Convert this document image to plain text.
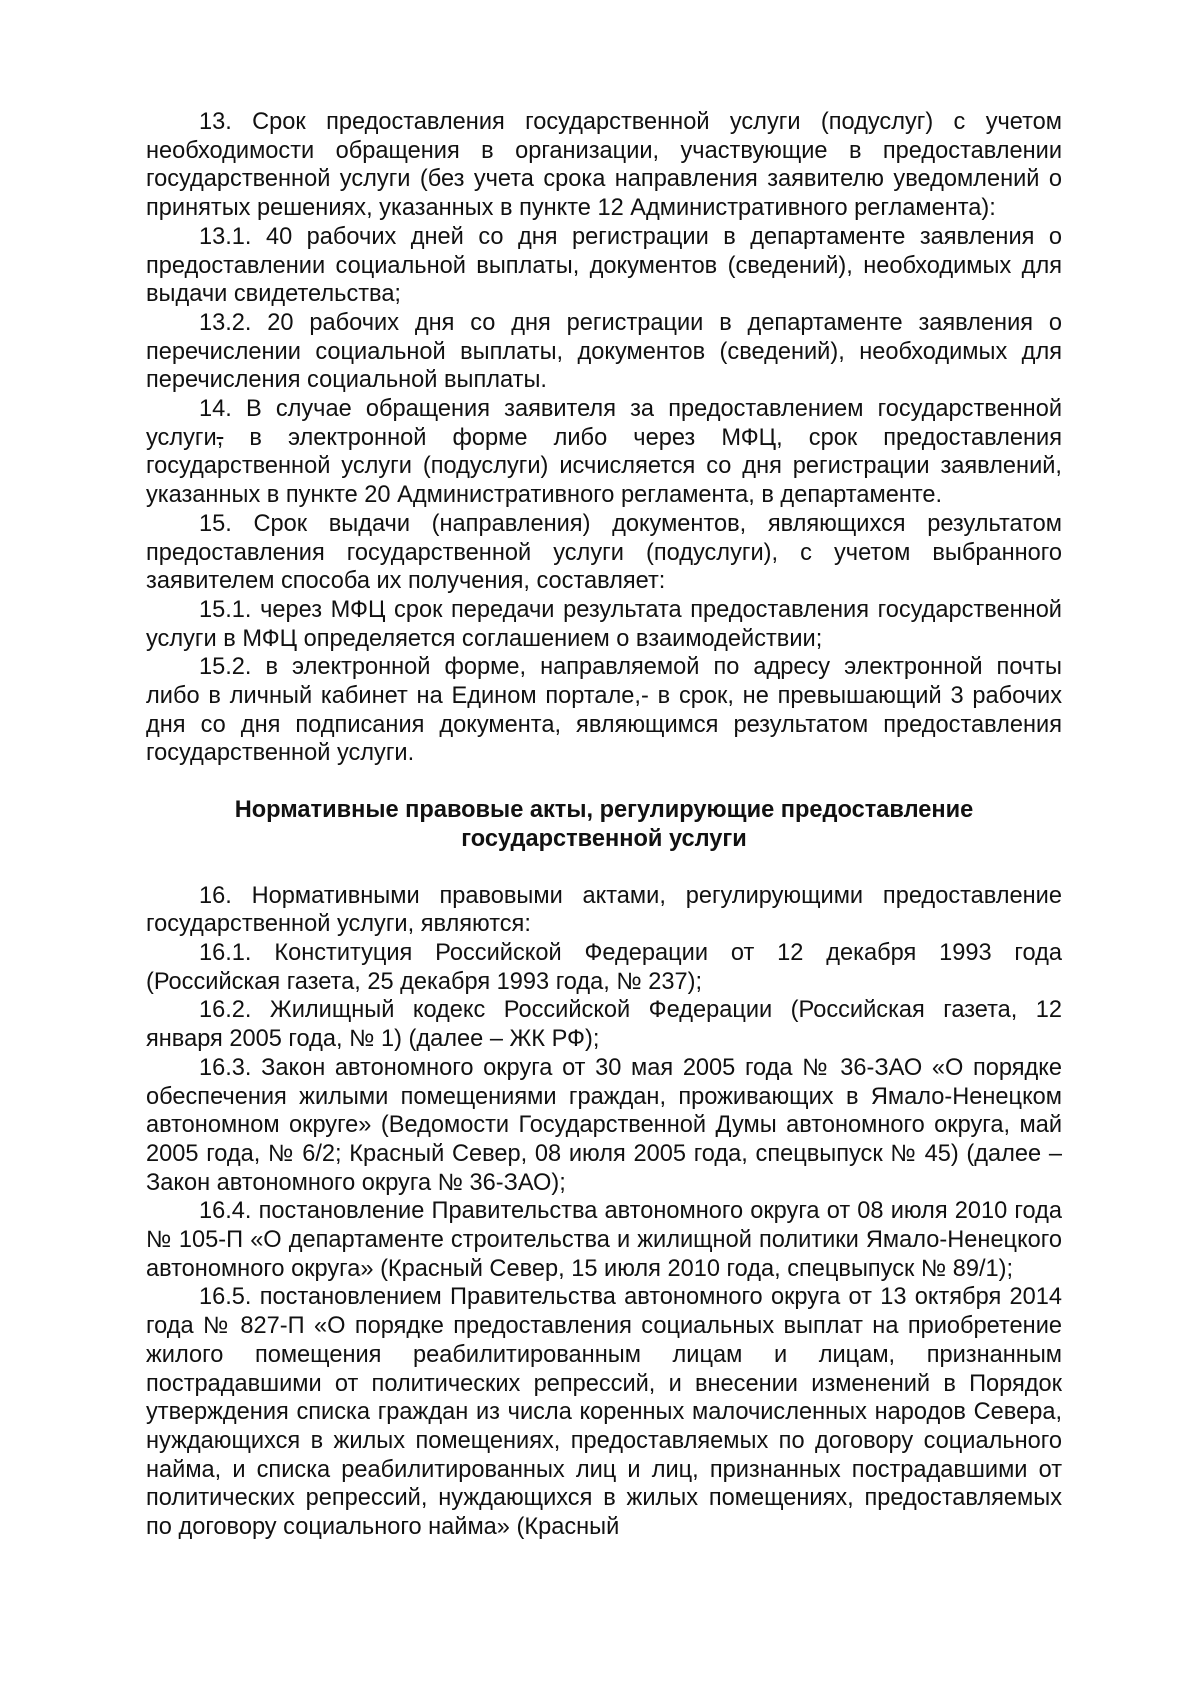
13. Срок предоставления государственной услуги (подуслуг) с учетом необходимости обращения в организации, участвующие в предоставлении государственной услуги (без учета срока направления заявителю уведомлений о принятых решениях, указанных в пункте 12 Административного регламента):

13.1. 40 рабочих дней со дня регистрации в департаменте заявления о предоставлении социальной выплаты, документов (сведений), необходимых для выдачи свидетельства;

13.2. 20 рабочих дня со дня регистрации в департаменте заявления о перечислении социальной выплаты, документов (сведений), необходимых для перечисления социальной выплаты.

14. В случае обращения заявителя за предоставлением государственной услуги, в электронной форме либо через МФЦ, срок предоставления государственной услуги (подуслуги) исчисляется со дня регистрации заявлений, указанных в пункте 20 Административного регламента, в департаменте.

15. Срок выдачи (направления) документов, являющихся результатом предоставления государственной услуги (подуслуги), с учетом выбранного заявителем способа их получения, составляет:

15.1. через МФЦ срок передачи результата предоставления государственной услуги в МФЦ определяется соглашением о взаимодействии;

15.2. в электронной форме, направляемой по адресу электронной почты либо в личный кабинет на Едином портале,- в срок, не превышающий 3 рабочих дня со дня подписания документа, являющимся результатом предоставления государственной услуги.

Нормативные правовые акты, регулирующие предоставление
государственной услуги

16. Нормативными правовыми актами, регулирующими предоставление государственной услуги, являются:

16.1. Конституция Российской Федерации от 12 декабря 1993 года (Российская газета, 25 декабря 1993 года, № 237);

16.2. Жилищный кодекс Российской Федерации (Российская газета, 12 января 2005 года, № 1) (далее – ЖК РФ);

16.3. Закон автономного округа от 30 мая 2005 года № 36-ЗАО «О порядке обеспечения жилыми помещениями граждан, проживающих в Ямало-Ненецком автономном округе» (Ведомости Государственной Думы автономного округа, май 2005 года, № 6/2; Красный Север, 08 июля 2005 года, спецвыпуск № 45) (далее – Закон автономного округа № 36-ЗАО);

16.4. постановление Правительства автономного округа от 08 июля 2010 года № 105-П «О департаменте строительства и жилищной политики Ямало-Ненецкого автономного округа» (Красный Север, 15 июля 2010 года, спецвыпуск № 89/1);

16.5. постановлением Правительства автономного округа от 13 октября 2014 года № 827-П «О порядке предоставления социальных выплат на приобретение жилого помещения реабилитированным лицам и лицам, признанным пострадавшими от политических репрессий, и внесении изменений в Порядок утверждения списка граждан из числа коренных малочисленных народов Севера, нуждающихся в жилых помещениях, предоставляемых по договору социального найма, и списка реабилитированных лиц и лиц, признанных пострадавшими от политических репрессий, нуждающихся в жилых помещениях, предоставляемых по договору социального найма» (Красный
